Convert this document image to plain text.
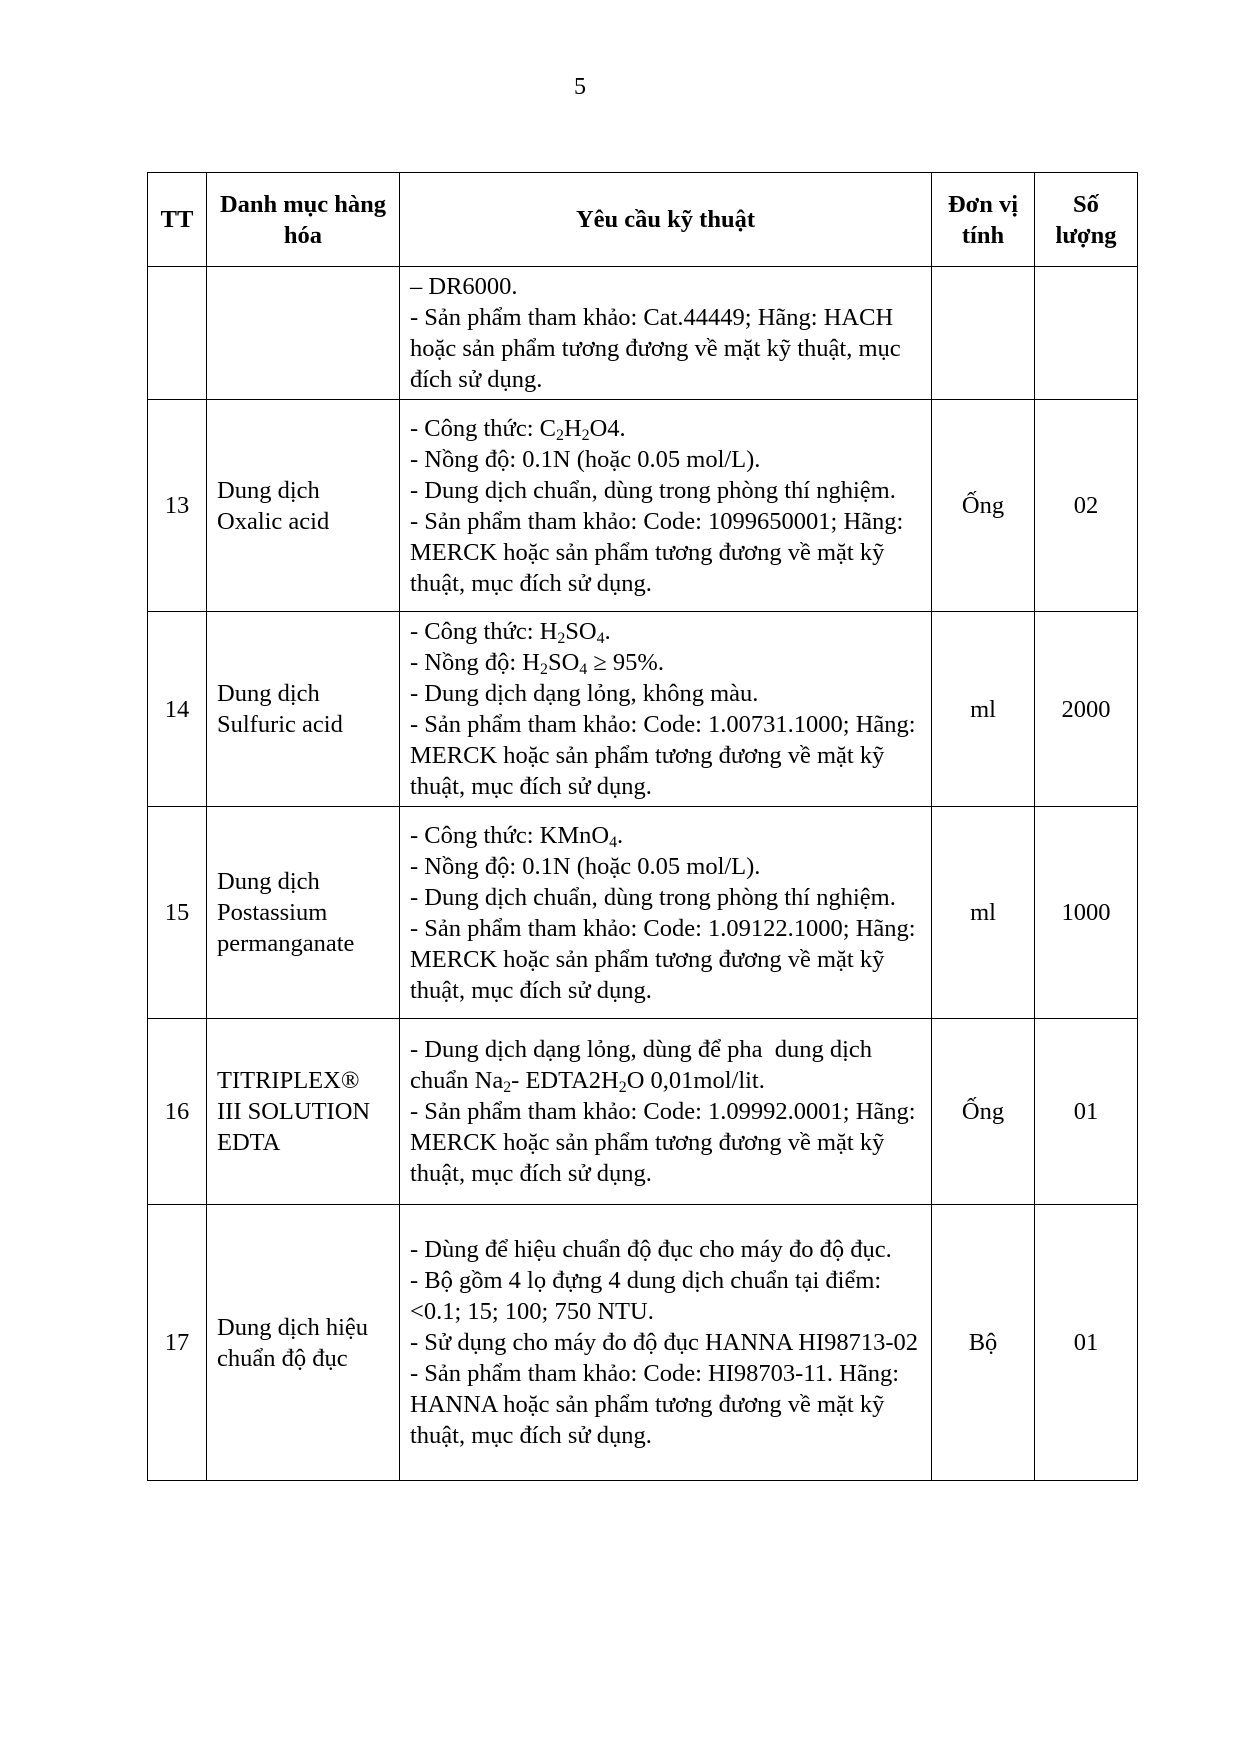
5
TT	Danh mục hàng hóa	Yêu cầu kỹ thuật	Đơn vị tính	Số lượng

		– DR6000.
- Sản phẩm tham khảo: Cat.44449; Hãng: HACH hoặc sản phẩm tương đương về mặt kỹ thuật, mục đích sử dụng.		

13	Dung dịch Oxalic acid	- Công thức: $C_2H_2O4$.
- Nồng độ: 0.1N (hoặc 0.05 mol/L).
- Dung dịch chuẩn, dùng trong phòng thí nghiệm.
- Sản phẩm tham khảo: Code: 1099650001; Hãng: MERCK hoặc sản phẩm tương đương về mặt kỹ thuật, mục đích sử dụng.	Ống	02
14	Dung dịch Sulfuric acid	- Công thức: $H_2SO_4$.
- Nồng độ: $H_2SO_4 \ge 95\%$.
- Dung dịch dạng lỏng, không màu.
- Sản phẩm tham khảo: Code: 1.00731.1000; Hãng: MERCK hoặc sản phẩm tương đương về mặt kỹ thuật, mục đích sử dụng.	ml	2000
15	Dung dịch Postassium permanganate	- Công thức: KMnO$_4$.
- Nồng độ: 0.1N (hoặc 0.05 mol/L).
- Dung dịch chuẩn, dùng trong phòng thí nghiệm.
- Sản phẩm tham khảo: Code: 1.09122.1000; Hãng: MERCK hoặc sản phẩm tương đương về mặt kỹ thuật, mục đích sử dụng.	ml	1000
16	TITRIPLEX® III SOLUTION EDTA	- Dung dịch dạng lỏng, dùng để pha  dung dịch chuẩn $Na_2-$ $EDTA2H_2O$ 0,01mol/lit.
- Sản phẩm tham khảo: Code: 1.09992.0001; Hãng: MERCK hoặc sản phẩm tương đương về mặt kỹ thuật, mục đích sử dụng.	Ống	01
17	Dung dịch hiệu chuẩn độ đục	- Dùng để hiệu chuẩn độ đục cho máy đo độ đục.
- Bộ gồm 4 lọ đựng 4 dung dịch chuẩn tại điểm: <0.1; 15; 100; 750 NTU.
- Sử dụng cho máy đo độ đục HANNA HI98713-02
- Sản phẩm tham khảo: Code: HI98703-11. Hãng: HANNA hoặc sản phẩm tương đương về mặt kỹ thuật, mục đích sử dụng.	Bộ	01
